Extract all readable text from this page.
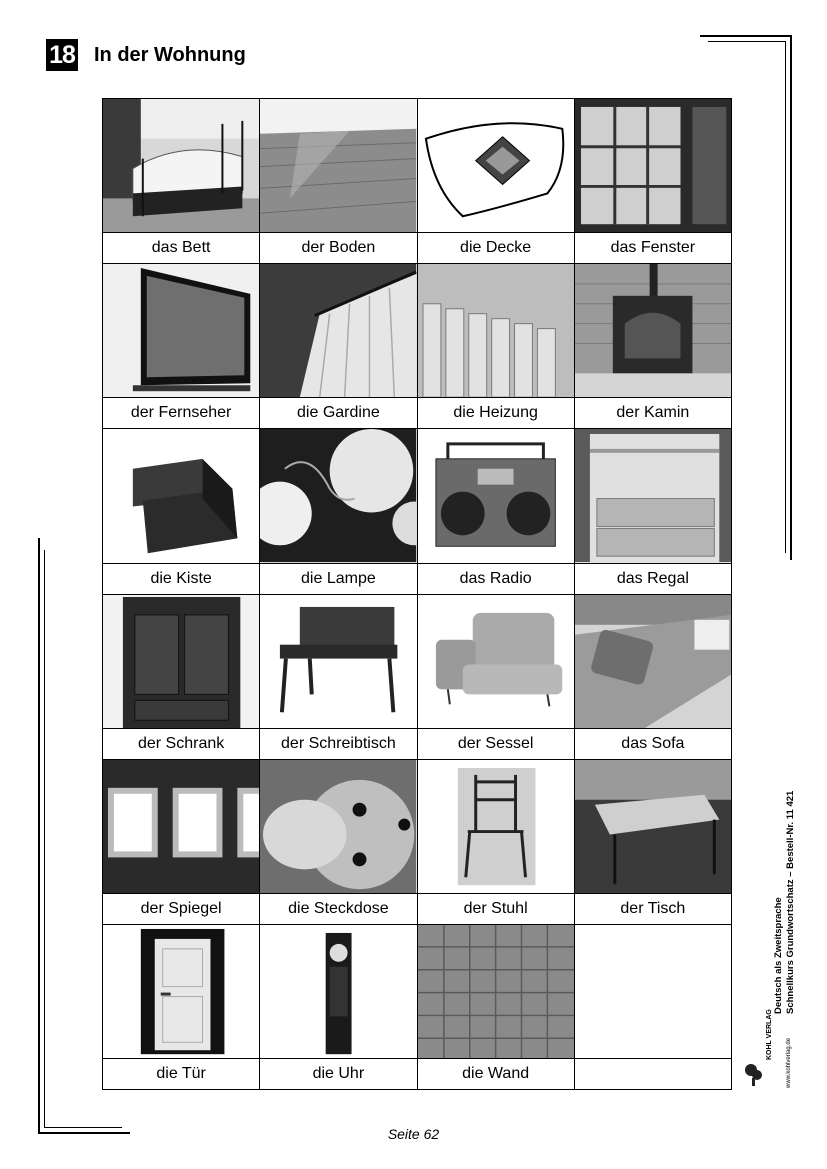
18 In der Wohnung
das Bett	der Boden	die Decke	das Fenster
der Fernseher	die Gardine	die Heizung	der Kamin
die Kiste	die Lampe	das Radio	das Regal
der Schrank	der Schreibtisch	der Sessel	das Sofa
der Spiegel	die Steckdose	der Stuhl	der Tisch
die Tür	die Uhr	die Wand
Deutsch als Zweitsprache Schnellkurs Grundwortschatz – Bestell-Nr. 11 421
KOHL VERLAG
www.kohlverlag.de
Seite 62
